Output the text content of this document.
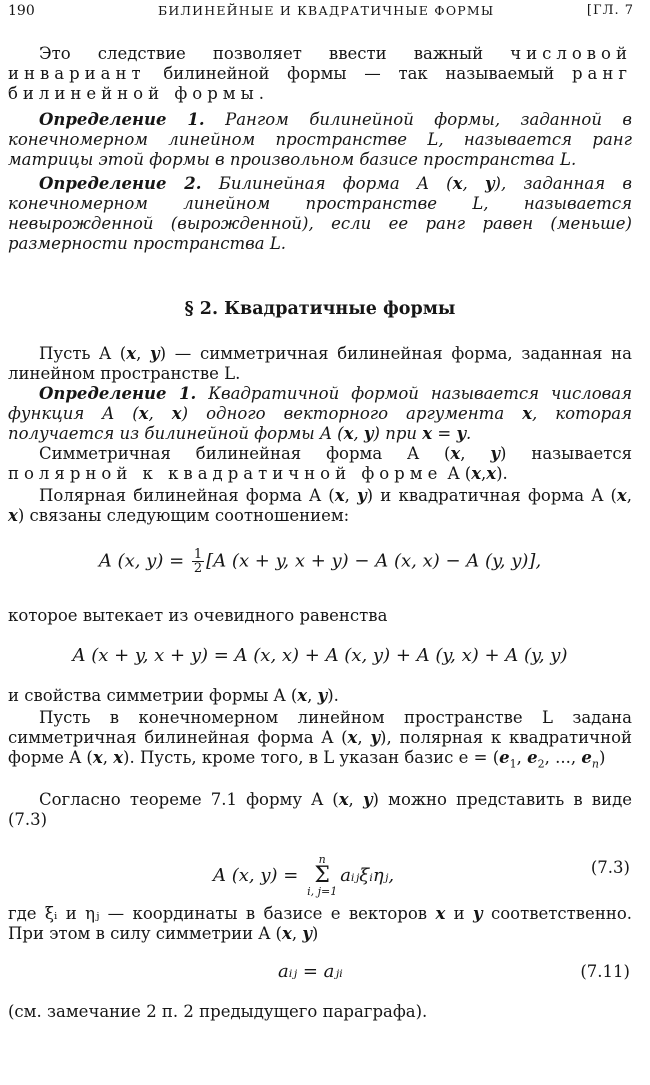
190	БИЛИНЕЙНЫЕ И КВАДРАТИЧНЫЕ ФОРМЫ	[ГЛ. 7

Это следствие позволяет ввести важный числовой инвариант билинейной формы — так называемый ранг билинейной формы.

Определение 1. Рангом билинейной формы, заданной в конечномерном линейном пространстве L, называется ранг матрицы этой формы в произвольном базисе пространства L.

Определение 2. Билинейная форма A (x, y), заданная в конечномерном линейном пространстве L, называется невырожденной (вырожденной), если ее ранг равен (меньше) размерности пространства L.

§ 2. Квадратичные формы

Пусть A (x, y) — симметричная билинейная форма, заданная на линейном пространстве L.

Определение 1. Квадратичной формой называется числовая функция A (x, x) одного векторного аргумента x, которая получается из билинейной формы A (x, y) при x = y.

Симметричная билинейная форма A (x, y) называется полярной к квадратичной форме A (x,x).

Полярная билинейная форма A (x, y) и квадратичная форма A (x, x) связаны следующим соотношением:

A (x, $y) = \frac{1}{2} [A$ (x + y, x + y) − A (x, x) − A (y, y)],

которое вытекает из очевидного равенства

A (x + y, x + y) = A (x, x) + A (x, y) + A (y, x) + A (y, y)

и свойства симметрии формы A (x, y).

Пусть в конечномерном линейном пространстве L задана симметричная билинейная форма A (x, y), полярная к квадратичной форме A (x, x). Пусть, кроме того, в L указан базис $e = (e_1$, $e_2$, ..., $e_n$)

Согласно теореме 7.1 форму A (x, y) можно представить в виде (7.3)

A (x, y) =
n
Σ
i, j=1
aᵢⱼξᵢηⱼ,	(7.3)

где ξᵢ и ηⱼ — координаты в базисе e векторов x и y соответственно. При этом в силу симметрии A (x, y)

aᵢⱼ = aⱼᵢ	(7.11)

(см. замечание 2 п. 2 предыдущего параграфа).
